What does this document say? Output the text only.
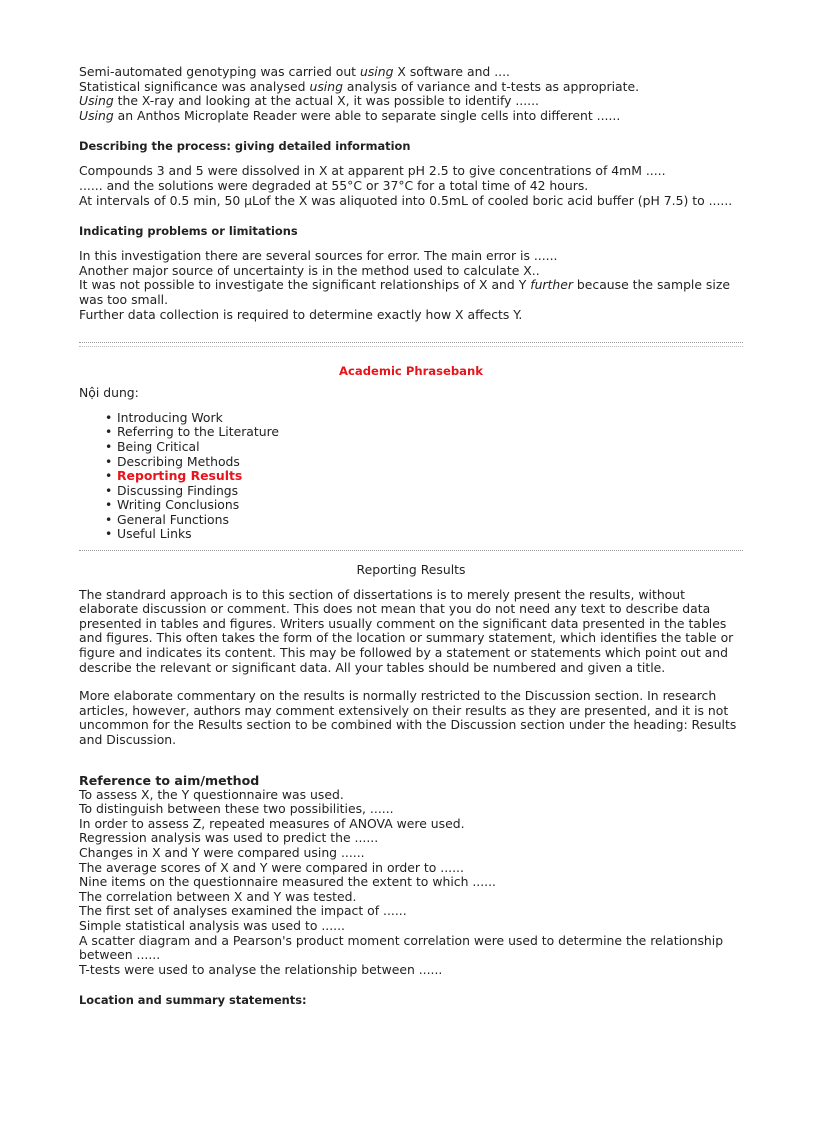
Semi-automated genotyping was carried out using X software and ....
Statistical significance was analysed using analysis of variance and t-tests as appropriate.
Using the X-ray and looking at the actual X, it was possible to identify ......
Using an Anthos Microplate Reader were able to separate single cells into different ......
Describing the process: giving detailed information
Compounds 3 and 5 were dissolved in X at apparent pH 2.5 to give concentrations of 4mM .....
...... and the solutions were degraded at 55°C or 37°C for a total time of 42 hours.
At intervals of 0.5 min, 50 μLof the X was aliquoted into 0.5mL of cooled boric acid buffer (pH 7.5) to ......
Indicating problems or limitations
In this investigation there are several sources for error. The main error is ......
Another major source of uncertainty is in the method used to calculate X..
It was not possible to investigate the significant relationships of X and Y further because the sample size was too small.
Further data collection is required to determine exactly how X affects Y.
Academic Phrasebank
Nội dung:
• Introducing Work
• Referring to the Literature
• Being Critical
• Describing Methods
• Reporting Results
• Discussing Findings
• Writing Conclusions
• General Functions
• Useful Links
Reporting Results

The standrard approach is to this section of dissertations is to merely present the results, without elaborate discussion or comment. This does not mean that you do not need any text to describe data presented in tables and figures. Writers usually comment on the significant data presented in the tables and figures. This often takes the form of the location or summary statement, which identifies the table or figure and indicates its content. This may be followed by a statement or statements which point out and describe the relevant or significant data. All your tables should be numbered and given a title.

More elaborate commentary on the results is normally restricted to the Discussion section. In research articles, however, authors may comment extensively on their results as they are presented, and it is not uncommon for the Results section to be combined with the Discussion section under the heading: Results and Discussion.

Reference to aim/method
To assess X, the Y questionnaire was used.
To distinguish between these two possibilities, ......
In order to assess Z, repeated measures of ANOVA were used.
Regression analysis was used to predict the ......
Changes in X and Y were compared using ......
The average scores of X and Y were compared in order to ......
Nine items on the questionnaire measured the extent to which ......
The correlation between X and Y was tested.
The first set of analyses examined the impact of ......
Simple statistical analysis was used to ......
A scatter diagram and a Pearson's product moment correlation were used to determine the relationship between ......
T-tests were used to analyse the relationship between ......
Location and summary statements:
